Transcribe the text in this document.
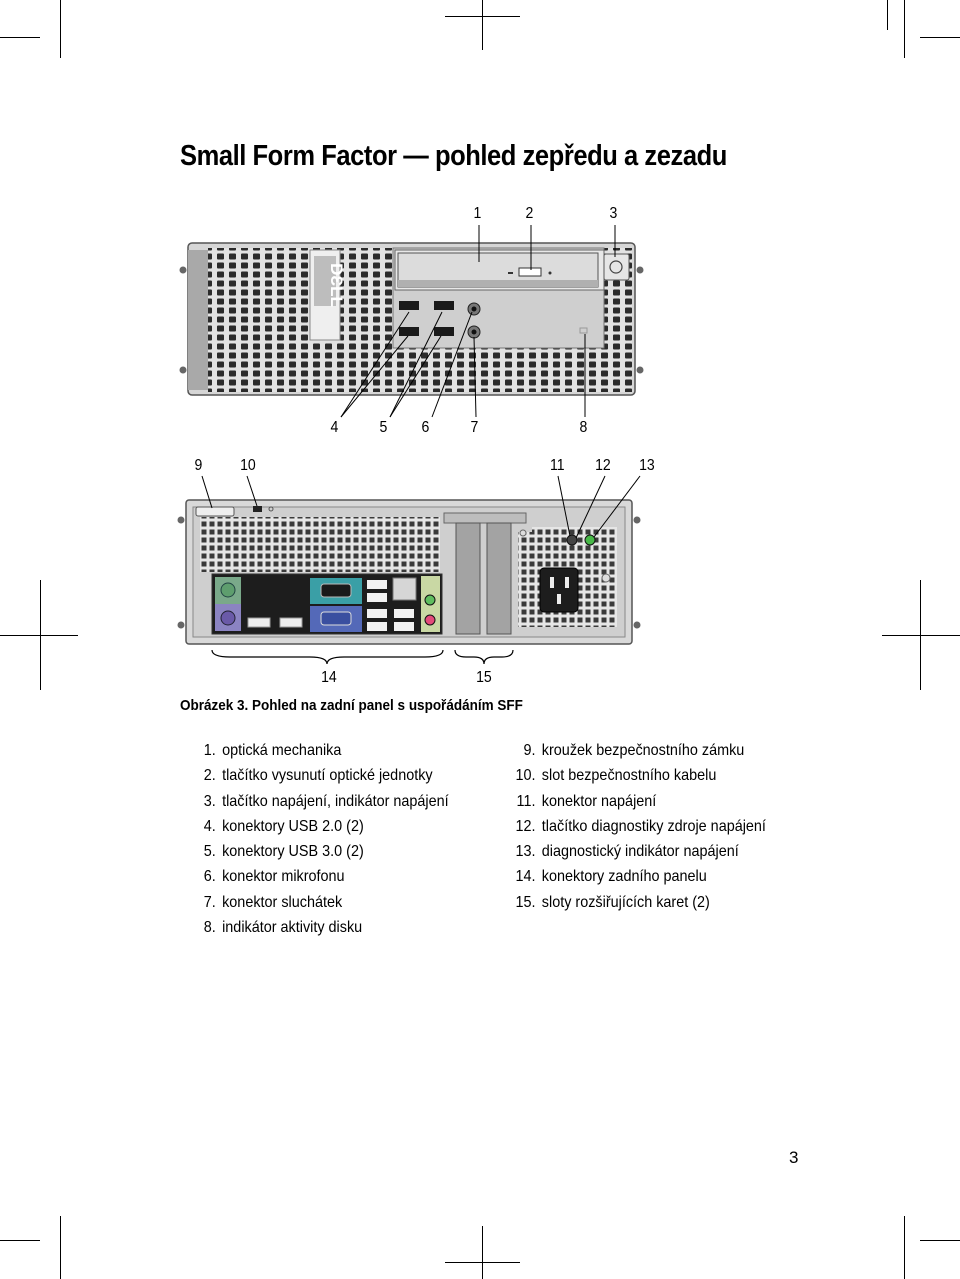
Small Form Factor — pohled zepředu a zezadu
1	2	3
4	5 6	7	8
9 10	11 12 13
14	15
DƐLL
Obrázek 3. Pohled na zadní panel s uspořádáním SFF
1. optická mechanika
2. tlačítko vysunutí optické jednotky
3. tlačítko napájení, indikátor napájení
4. konektory USB 2.0 (2)
5. konektory USB 3.0 (2)
6. konektor mikrofonu
7. konektor sluchátek
8. indikátor aktivity disku
9. kroužek bezpečnostního zámku
10. slot bezpečnostního kabelu
11. konektor napájení
12. tlačítko diagnostiky zdroje napájení
13. diagnostický indikátor napájení
14. konektory zadního panelu
15. sloty rozšiřujících karet (2)
3
